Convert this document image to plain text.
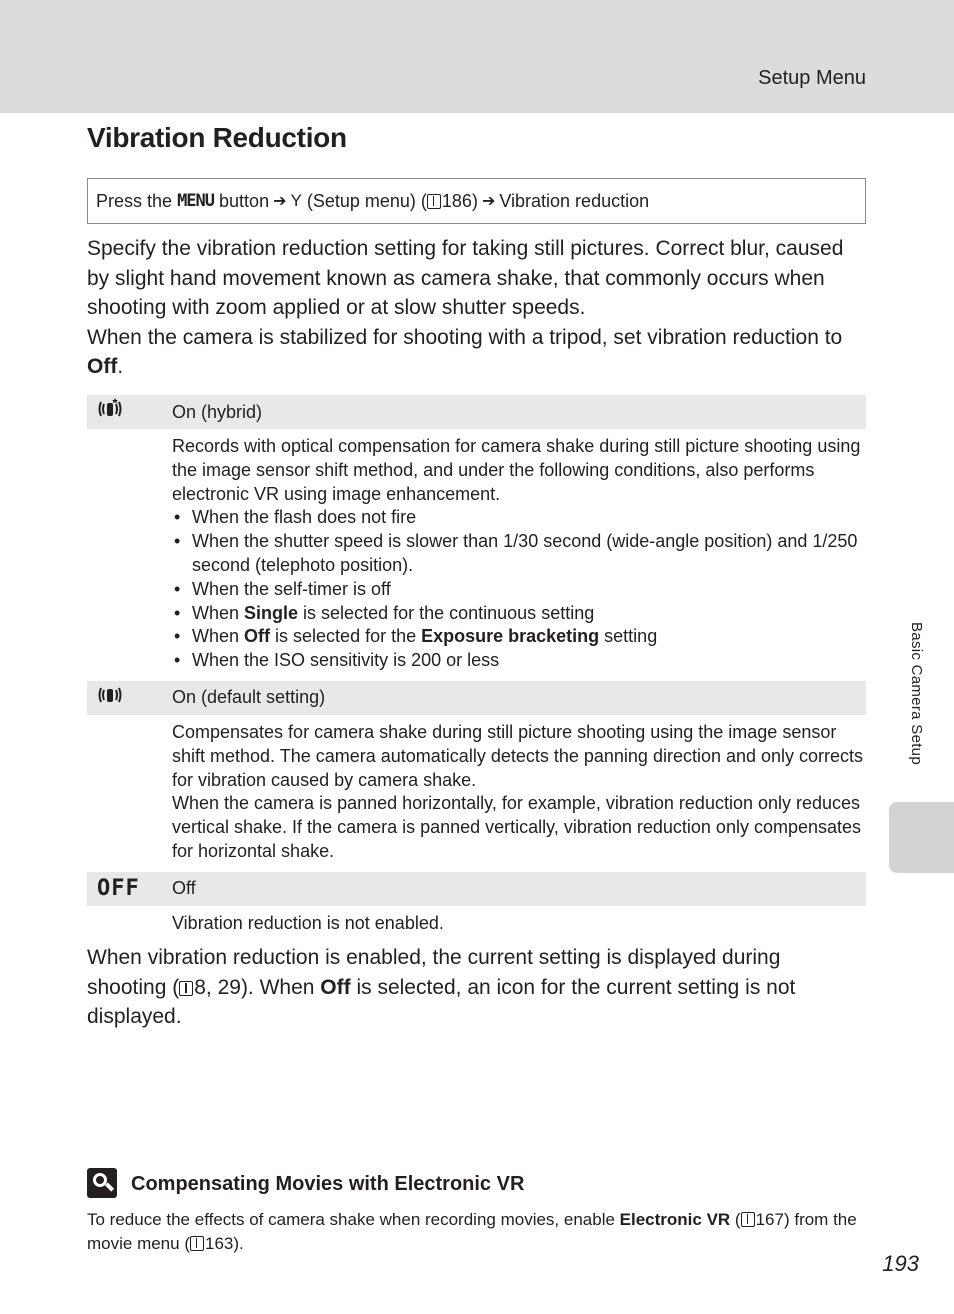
Setup Menu
Vibration Reduction
Press the
MENU
button ➔ Y
(Setup menu) ( 186) ➔ Vibration reduction

Specify the vibration reduction setting for taking still pictures. Correct blur, caused by slight hand movement known as camera shake, that commonly occurs when shooting with zoom applied or at slow shutter speeds.

When the camera is stabilized for shooting with a tripod, set vibration reduction to Off.

On (hybrid)

Records with optical compensation for camera shake during still picture shooting using the image sensor shift method, and under the following conditions, also performs electronic VR using image enhancement.

• When the flash does not fire
• When the shutter speed is slower than 1/30 second (wide-angle position) and 1/250 second (telephoto position).
• When the self-timer is off
• When Single is selected for the continuous setting
• When Off is selected for the Exposure bracketing setting
• When the ISO sensitivity is 200 or less
On (default setting)

Compensates for camera shake during still picture shooting using the image sensor shift method. The camera automatically detects the panning direction and only corrects for vibration caused by camera shake.

When the camera is panned horizontally, for example, vibration reduction only reduces vertical shake. If the camera is panned vertically, vibration reduction only compensates for horizontal shake.

OFF	Off

Vibration reduction is not enabled.

When vibration reduction is enabled, the current setting is displayed during shooting ( 8, 29). When Off is selected, an icon for the current setting is not displayed.

Compensating Movies with Electronic VR

To reduce the effects of camera shake when recording movies, enable Electronic VR ( 167) from the movie menu ( 163).

Basic Camera Setup
193
